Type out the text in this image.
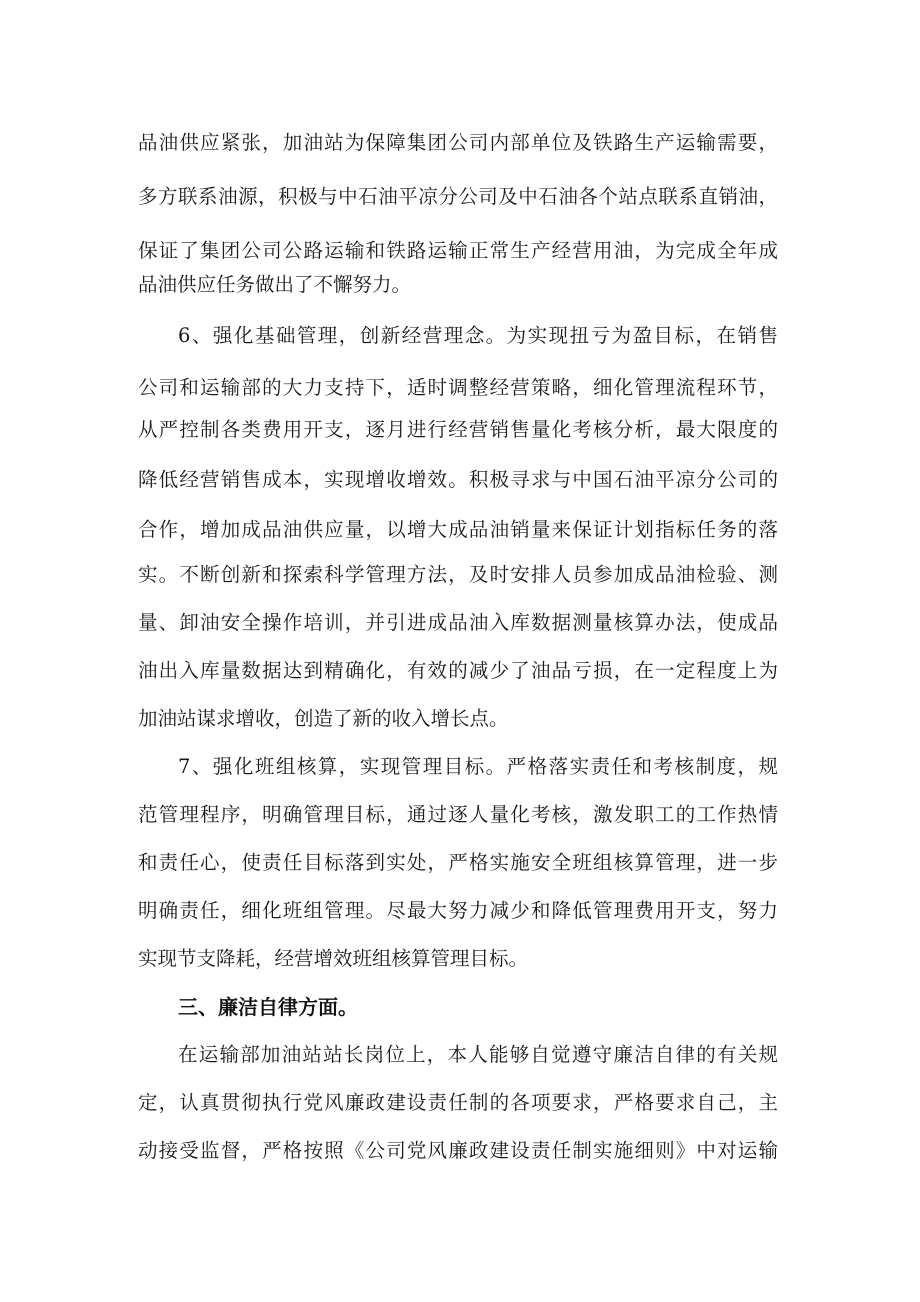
品油供应紧张，加油站为保障集团公司内部单位及铁路生产运输需要，
多方联系油源，积极与中石油平凉分公司及中石油各个站点联系直销油，
保证了集团公司公路运输和铁路运输正常生产经营用油，为完成全年成
品油供应任务做出了不懈努力。
6、强化基础管理，创新经营理念。为实现扭亏为盈目标，在销售
公司和运输部的大力支持下，适时调整经营策略，细化管理流程环节，
从严控制各类费用开支，逐月进行经营销售量化考核分析，最大限度的
降低经营销售成本，实现增收增效。积极寻求与中国石油平凉分公司的
合作，增加成品油供应量，以增大成品油销量来保证计划指标任务的落
实。不断创新和探索科学管理方法，及时安排人员参加成品油检验、测
量、卸油安全操作培训，并引进成品油入库数据测量核算办法，使成品
油出入库量数据达到精确化，有效的减少了油品亏损，在一定程度上为
加油站谋求增收，创造了新的收入增长点。
7、强化班组核算，实现管理目标。严格落实责任和考核制度，规
范管理程序，明确管理目标，通过逐人量化考核，激发职工的工作热情
和责任心，使责任目标落到实处，严格实施安全班组核算管理，进一步
明确责任，细化班组管理。尽最大努力减少和降低管理费用开支，努力
实现节支降耗，经营增效班组核算管理目标。
三、廉洁自律方面。
在运输部加油站站长岗位上，本人能够自觉遵守廉洁自律的有关规
定，认真贯彻执行党风廉政建设责任制的各项要求，严格要求自己，主
动接受监督，严格按照《公司党风廉政建设责任制实施细则》中对运输
